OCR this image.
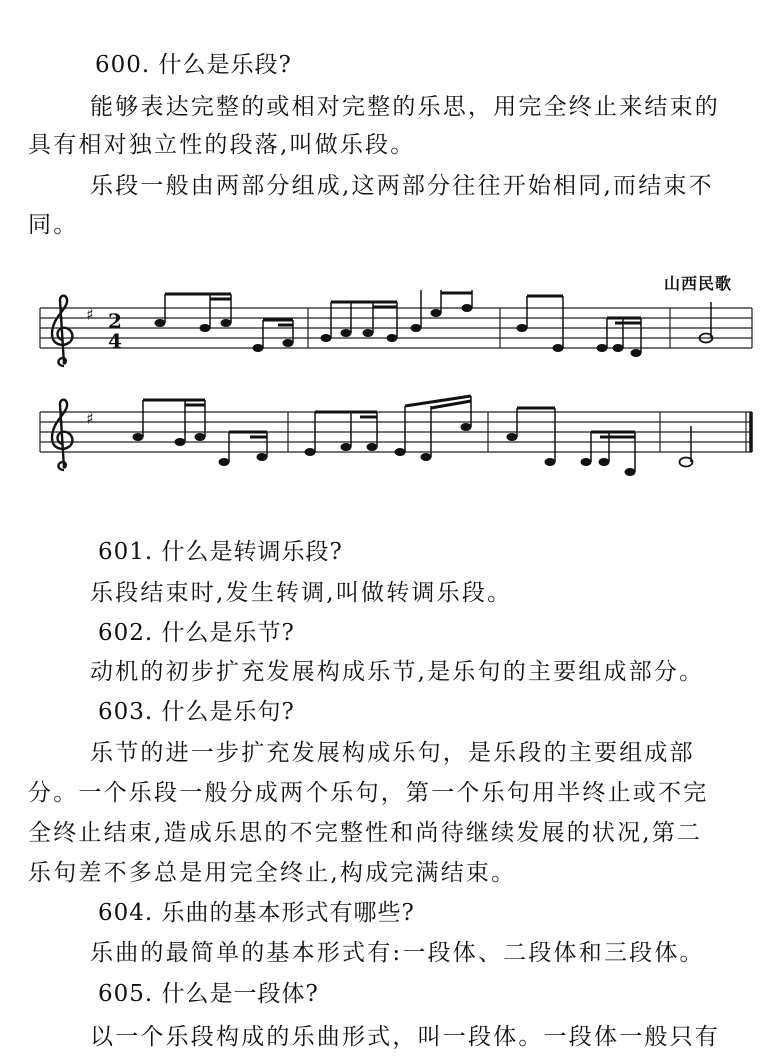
600. 什么是乐段?
能够表达完整的或相对完整的乐思，用完全终止来结束的
具有相对独立性的段落,叫做乐段。
乐段一般由两部分组成,这两部分往往开始相同,而结束不
同。
山西民歌
♯ 2
4
♯
601. 什么是转调乐段?
乐段结束时,发生转调,叫做转调乐段。
602. 什么是乐节?
动机的初步扩充发展构成乐节,是乐句的主要组成部分。
603. 什么是乐句?
乐节的进一步扩充发展构成乐句，是乐段的主要组成部
分。一个乐段一般分成两个乐句，第一个乐句用半终止或不完
全终止结束,造成乐思的不完整性和尚待继续发展的状况,第二
乐句差不多总是用完全终止,构成完满结束。
604. 乐曲的基本形式有哪些?
乐曲的最简单的基本形式有:一段体、二段体和三段体。
605. 什么是一段体?
以一个乐段构成的乐曲形式，叫一段体。一段体一般只有
